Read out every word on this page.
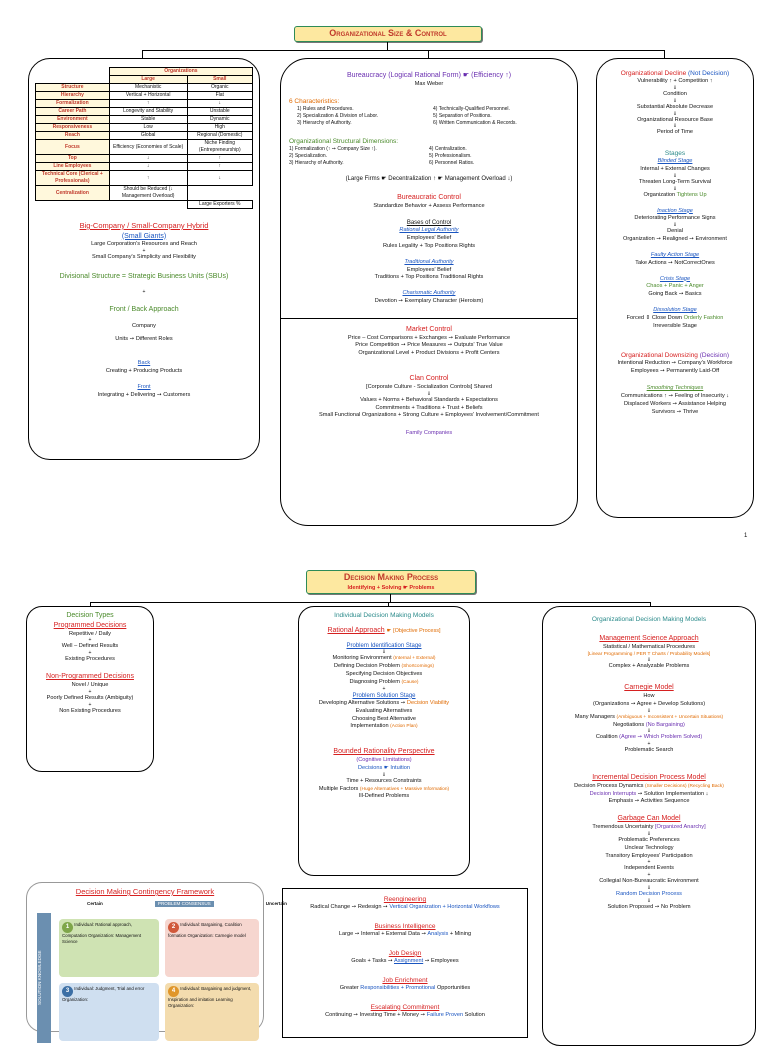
Organizational Size & Control
	Organizations	
	Large	Small
Structure	Mechanistic	Organic
Hierarchy	Vertical + Horizontal	Flat
Formalization	↑	↓
Career Path	Longevity and Stability	Unstable
Environment	Stable	Dynamic
Responsiveness	Low	High
Reach	Global	Regional (Domestic)
Focus	Efficiency (Economies of Scale)	Niche Finding (Entrepreneurship)
Top	↓	↑
Line Employees	↓	↑
Technical Core (Clerical + Professionals)	↑	↓
Centralization	Should be Reduced (↓ Management Overload)	
		Large Exporters %
Big-Company / Small-Company Hybrid
(Small Giants)
Large Corporation's Resources and Reach
+
Small Company's Simplicity and Flexibility
Divisional Structure = Strategic Business Units (SBUs)
+
Front / Back Approach
Company
Units ➙ Different Roles
Back
Creating + Producing Products
Front
Integrating + Delivering ➙ Customers
Bureaucracy (Logical Rational Form) ☛ (Efficiency ↑)
Max Weber
6 Characteristics:
1) Rules and Procedures.	4) Technically-Qualified Personnel.
2) Specialization & Division of Labor.	5) Separation of Positions.
3) Hierarchy of Authority.	6) Written Communication & Records.
Organizational Structural Dimensions:
1) Formalization (↑ ➙ Company Size ↑).	4) Centralization.
2) Specialization.	5) Professionalism.
3) Hierarchy of Authority.	6) Personnel Ratios.
(Large Firms ☛ Decentralization ↑ ☛ Management Overload ↓)
Bureaucratic Control
Standardize Behavior + Assess Performance
Bases of Control
Rational Legal Authority
Employees' Belief
Rules Legality + Top Positions Rights
Traditional Authority
Employees' Belief
Traditions + Top Positions Traditional Rights
Charismatic Authority
Devotion ➙ Exemplary Character (Heroism)
Market Control
Price – Cost Comparisons + Exchanges ➙ Evaluate Performance
Price Competition ➙ Price Measures ➙ Outputs' True Value
Organizational Level + Product Divisions + Profit Centers
Clan Control
[Corporate Culture - Socialization Controls] Shared
⇓
Values + Norms + Behavioral Standards + Expectations
Commitments + Traditions + Trust + Beliefs
Small Functional Organizations + Strong Culture + Employees' Involvement/Commitment
Family Companies
Organizational Decline (Not Decision)
Vulnerability ↑ + Competition ↑
⇓
Condition
⇓
Substantial Absolute Decrease
⇓
Organizational Resource Base
⇓
Period of Time
Stages
Blinded Stage
Internal + External Changes
⇓
Threaten Long-Term Survival
⇓
Organization Tightens Up
Inaction Stage
Deteriorating Performance Signs
⇓
Denial
Organization ➙ Realigned ➙ Environment
Faulty Action Stage
Take Actions ➙ NotCorrectOnes
Crisis Stage
Chaos + Panic + Anger
Going Back ➙ Basics
Dissolution Stage
Forced ⇕ Close Down Orderly Fashion
Irreversible Stage
Organizational Downsizing (Decision)
Intentional Reduction ➙ Company's Workforce
Employees ➙ Permanently Laid-Off
Smoothing Techniques
Communications ↑ ➙ Feeling of Insecurity ↓
Displaced Workers ➙ Assistance Helping
Survivors ➙ Thrive
1
Decision Making Process
Identifying + Solving ☛ Problems
Decision Types
Programmed Decisions
Repetitive / Daily
+
Well – Defined Results
+
Existing Procedures
Non-Programmed Decisions
Novel / Unique
+
Poorly Defined Results (Ambiguity)
+
Non Existing Procedures
Individual Decision Making Models
Rational Approach ☛ [Objective Process]
Problem Identification Stage
⇓
Monitoring Environment (Internal + External)
Defining Decision Problem (Shortcomings)
Specifying Decision Objectives
Diagnosing Problem (Cause)
+
Problem Solution Stage
Developing Alternative Solutions ➙ Decision Viability
Evaluating Alternatives
Choosing Best Alternative
Implementation (Action Plan)
Bounded Rationality Perspective
(Cognitive Limitations)
Decisions ☛ Intuition
⇓
Time + Resources Constraints
Multiple Factors (Huge Alternatives + Massive Information)
Ill-Defined Problems
Organizational Decision Making Models
Management Science Approach
Statistical / Mathematical Procedures
[Linear Programming / PER T Charts / Probability Models]
⇓
Complex + Analyzable Problems
Carnegie Model
How
(Organizations ➙ Agree + Develop Solutions)
⇓
Many Managers (Ambiguous + Inconsistent + Uncertain Situations)
Negotiations (No Bargaining)
⇓
Coalition (Agree ➙ Which Problem Solved)
+
Problematic Search
Incremental Decision Process Model
Decision Process Dynamics (Smaller Decisions) (Recycling Back)
Decision Interrupts ➙ Solution Implementation ↓
Emphasis ➙ Activities Sequence
Garbage Can Model
Tremendous Uncertainty [Organized Anarchy]
⇓
Problematic Preferences
Unclear Technology
Transitory Employees' Participation
+
Independent Events
+
Collegial Non-Bureaucratic Environment
⇓
Random Decision Process
⇓
Solution Proposed ➙ No Problem
Decision Making Contingency Framework
Certain	PROBLEM CONSENSUS	Uncertain
SOLUTION KNOWLEDGE
1 Individual: Rational approach, Computation Organization: Management Science
2 Individual: Bargaining, Coalition formation Organization: Carnegie model
3 Individual: Judgment, Trial and error Organization:
4 Individual: Bargaining and judgment, Inspiration and imitation Learning Organization:
Reengineering
Radical Change ➙ Redesign ➙ Vertical Organization + Horizontal Workflows
Business Intelligence
Large ➙ Internal + External Data ➙ Analysis + Mining
Job Design
Goals + Tasks ➙ Assignment ➙ Employees
Job Enrichment
Greater Responsibilities + Promotional Opportunities
Escalating Commitment
Continuing ➙ Investing Time + Money ➙ Failure Proven Solution
